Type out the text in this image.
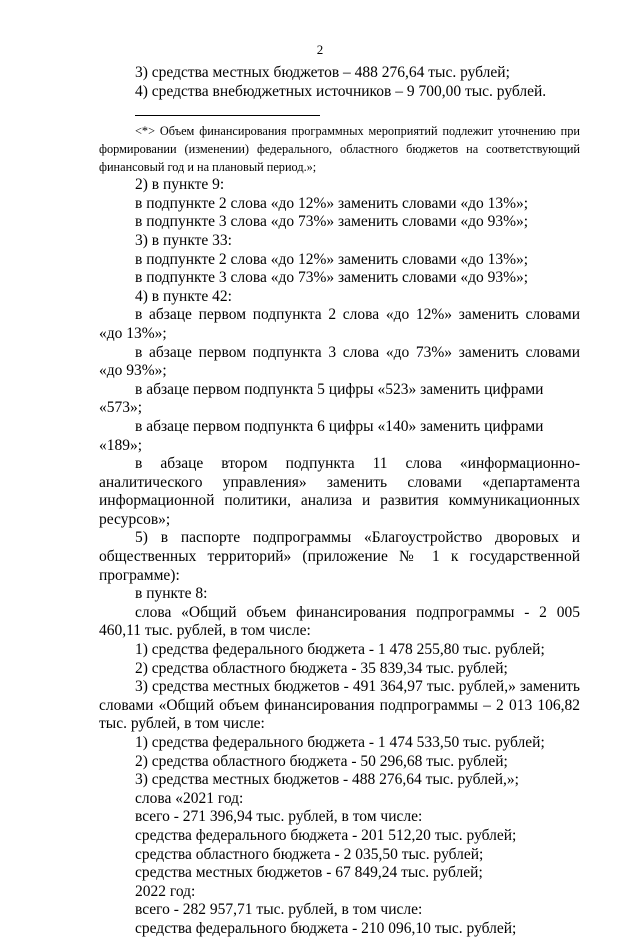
2

3) средства местных бюджетов – 488 276,64 тыс. рублей;

4) средства внебюджетных источников – 9 700,00 тыс. рублей.

<*> Объем финансирования программных мероприятий подлежит уточнению при
формировании (изменении) федерального, областного бюджетов на соответствующий
финансовый год и на плановый период.»;

2) в пункте 9:

в подпункте 2 слова «до 12%» заменить словами «до 13%»;

в подпункте 3 слова «до 73%» заменить словами «до 93%»;

3) в пункте 33:

в подпункте 2 слова «до 12%» заменить словами «до 13%»;

в подпункте 3 слова «до 73%» заменить словами «до 93%»;

4) в пункте 42:

в абзаце первом подпункта 2 слова «до 12%» заменить словами «до 13%»;

в абзаце первом подпункта 3 слова «до 73%» заменить словами «до 93%»;

в абзаце первом подпункта 5 цифры «523» заменить цифрами «573»;

в абзаце первом подпункта 6 цифры «140» заменить цифрами «189»;

в абзаце втором подпункта 11 слова «информационно-аналитического управления» заменить словами «департамента информационной политики, анализа и развития коммуникационных ресурсов»;

5) в паспорте подпрограммы «Благоустройство дворовых и общественных территорий» (приложение № 1 к государственной программе):

в пункте 8:

слова «Общий объем финансирования подпрограммы - 2 005 460,11 тыс. рублей, в том числе:

1) средства федерального бюджета - 1 478 255,80 тыс. рублей;

2) средства областного бюджета - 35 839,34 тыс. рублей;

3) средства местных бюджетов - 491 364,97 тыс. рублей,» заменить словами «Общий объем финансирования подпрограммы – 2 013 106,82 тыс. рублей, в том числе:

1) средства федерального бюджета - 1 474 533,50 тыс. рублей;

2) средства областного бюджета - 50 296,68 тыс. рублей;

3) средства местных бюджетов - 488 276,64 тыс. рублей,»;

слова «2021 год:

всего - 271 396,94 тыс. рублей, в том числе:

средства федерального бюджета - 201 512,20 тыс. рублей;

средства областного бюджета - 2 035,50 тыс. рублей;

средства местных бюджетов - 67 849,24 тыс. рублей;

2022 год:

всего - 282 957,71 тыс. рублей, в том числе:

средства федерального бюджета - 210 096,10 тыс. рублей;
